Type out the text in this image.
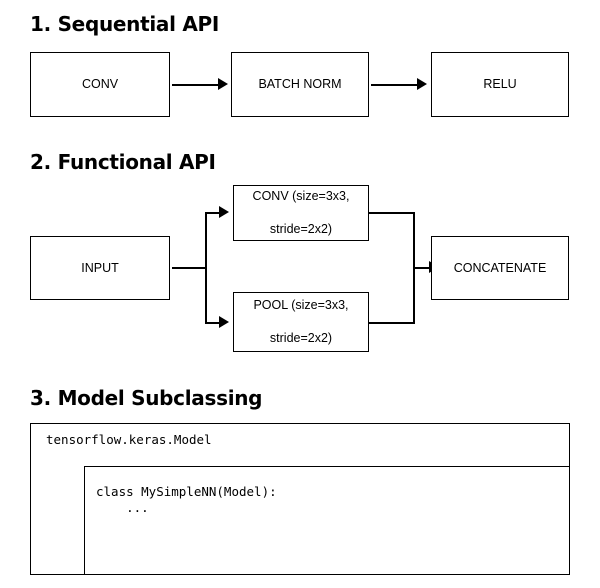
1. Sequential API
CONV	BATCH NORM	RELU
2. Functional API
INPUT
CONV (size=3x3,

stride=2x2)
POOL (size=3x3,

stride=2x2)
CONCATENATE
3. Model Subclassing
tensorflow.keras.Model
class MySimpleNN(Model):
...
